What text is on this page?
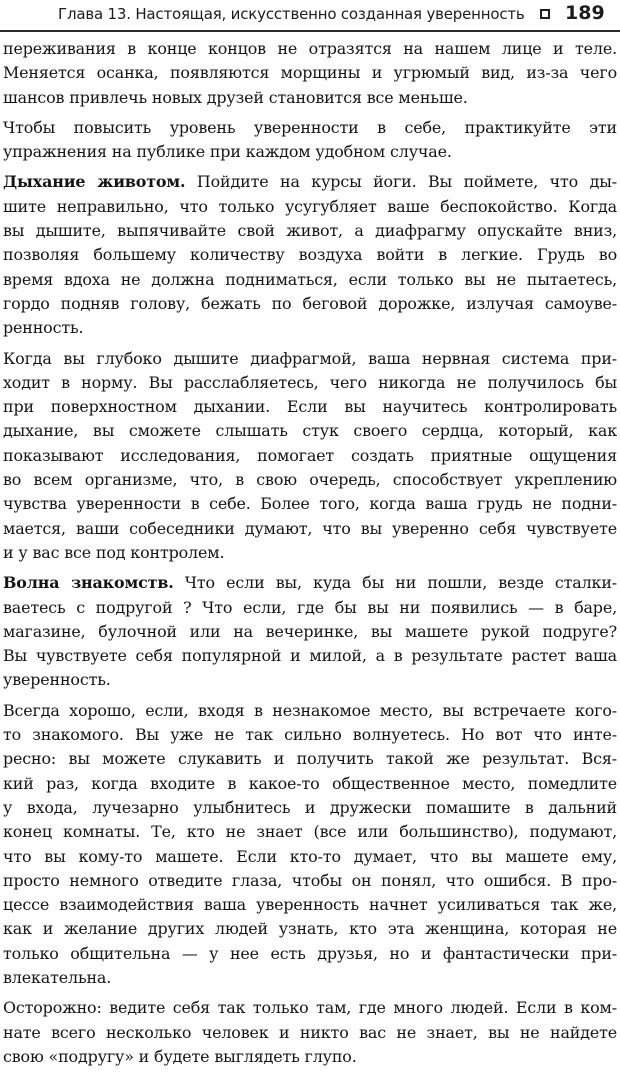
Глава 13. Настоящая, искусственно созданная уверенность 189

переживания в конце концов не отразятся на нашем лице и теле.
Меняется осанка, появляются морщины и угрюмый вид, из-за чего
шансов привлечь новых друзей становится все меньше.

Чтобы повысить уровень уверенности в себе, практикуйте эти
упражнения на публике при каждом удобном случае.

Дыхание животом. Пойдите на курсы йоги. Вы поймете, что ды-
шите неправильно, что только усугубляет ваше беспокойство. Когда
вы дышите, выпячивайте свой живот, а диафрагму опускайте вниз,
позволяя большему количеству воздуха войти в легкие. Грудь во
время вдоха не должна подниматься, если только вы не пытаетесь,
гордо подняв голову, бежать по беговой дорожке, излучая самоуве-
ренность.

Когда вы глубоко дышите диафрагмой, ваша нервная система при-
ходит в норму. Вы расслабляетесь, чего никогда не получилось бы
при поверхностном дыхании. Если вы научитесь контролировать
дыхание, вы сможете слышать стук своего сердца, который, как
показывают исследования, помогает создать приятные ощущения
во всем организме, что, в свою очередь, способствует укреплению
чувства уверенности в себе. Более того, когда ваша грудь не подни-
мается, ваши собеседники думают, что вы уверенно себя чувствуете
и у вас все под контролем.

Волна знакомств. Что если вы, куда бы ни пошли, везде сталки-
ваетесь с подругой ? Что если, где бы вы ни появились — в баре,
магазине, булочной или на вечеринке, вы машете рукой подруге?
Вы чувствуете себя популярной и милой, а в результате растет ваша
уверенность.

Всегда хорошо, если, входя в незнакомое место, вы встречаете кого-
то знакомого. Вы уже не так сильно волнуетесь. Но вот что инте-
ресно: вы можете слукавить и получить такой же результат. Вся-
кий раз, когда входите в какое-то общественное место, помедлите
у входа, лучезарно улыбнитесь и дружески помашите в дальний
конец комнаты. Те, кто не знает (все или большинство), подумают,
что вы кому-то машете. Если кто-то думает, что вы машете ему,
просто немного отведите глаза, чтобы он понял, что ошибся. В про-
цессе взаимодействия ваша уверенность начнет усиливаться так же,
как и желание других людей узнать, кто эта женщина, которая не
только общительна — у нее есть друзья, но и фантастически при-
влекательна.

Осторожно: ведите себя так только там, где много людей. Если в ком-
нате всего несколько человек и никто вас не знает, вы не найдете
свою «подругу» и будете выглядеть глупо.
